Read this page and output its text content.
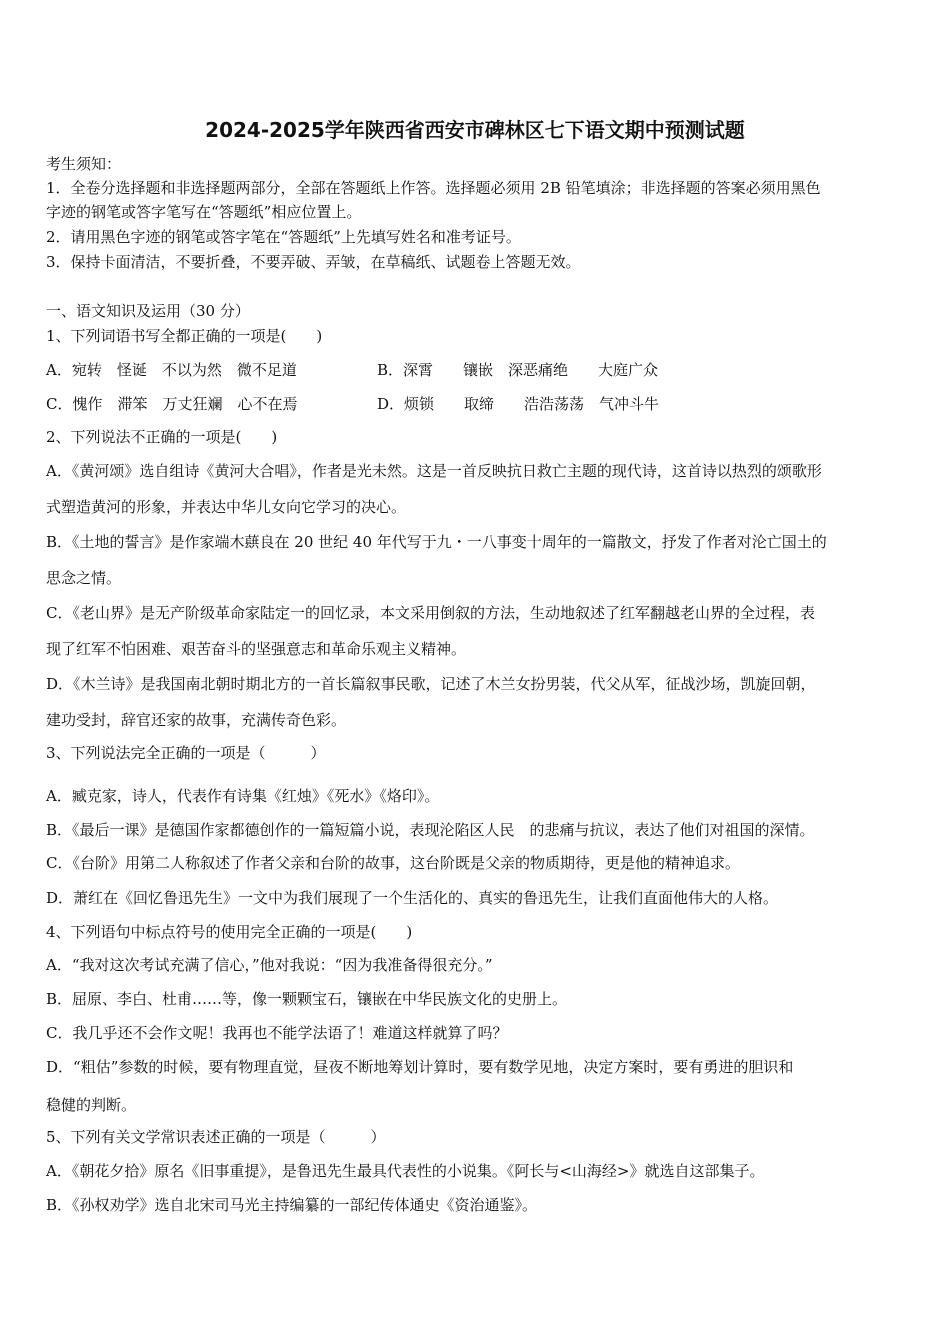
2024-2025学年陕西省西安市碑林区七下语文期中预测试题
考生须知：
1．全卷分选择题和非选择题两部分，全部在答题纸上作答。选择题必须用 2B 铅笔填涂；非选择题的答案必须用黑色
字迹的钢笔或答字笔写在“答题纸”相应位置上。
2．请用黑色字迹的钢笔或答字笔在“答题纸”上先填写姓名和准考证号。
3．保持卡面清洁，不要折叠，不要弄破、弄皱，在草稿纸、试题卷上答题无效。
一、语文知识及运用（30 分）
1、下列词语书写全都正确的一项是(　　)
A．宛转　怪诞　不以为然　微不足道	B．深霄　　镶嵌　深恶痛绝　　大庭广众
C．愧作　滞笨　万丈狂斓　心不在焉	D．烦锁　　取缔　　浩浩荡荡　气冲斗牛
2、下列说法不正确的一项是(　　)
A．《黄河颂》选自组诗《黄河大合唱》，作者是光未然。这是一首反映抗日救亡主题的现代诗，这首诗以热烈的颂歌形
式塑造黄河的形象，并表达中华儿女向它学习的决心。
B．《土地的誓言》是作家端木蕻良在 20 世纪 40 年代写于九・一八事变十周年的一篇散文，抒发了作者对沦亡国土的
思念之情。
C．《老山界》是无产阶级革命家陆定一的回忆录，本文采用倒叙的方法，生动地叙述了红军翻越老山界的全过程，表
现了红军不怕困难、艰苦奋斗的坚强意志和革命乐观主义精神。
D．《木兰诗》是我国南北朝时期北方的一首长篇叙事民歌，记述了木兰女扮男装，代父从军，征战沙场，凯旋回朝，
建功受封，辞官还家的故事，充满传奇色彩。
3、下列说法完全正确的一项是（　　　）
A．臧克家，诗人，代表作有诗集《红烛》《死水》《烙印》。
B．《最后一课》是德国作家都德创作的一篇短篇小说，表现沦陷区人民　的悲痛与抗议，表达了他们对祖国的深情。
C．《台阶》用第二人称叙述了作者父亲和台阶的故事，这台阶既是父亲的物质期待，更是他的精神追求。
D．萧红在《回忆鲁迅先生》一文中为我们展现了一个生活化的、真实的鲁迅先生，让我们直面他伟大的人格。
4、下列语句中标点符号的使用完全正确的一项是(　　)
A．“我对这次考试充满了信心，”他对我说：“因为我准备得很充分。”
B．屈原、李白、杜甫……等，像一颗颗宝石，镶嵌在中华民族文化的史册上。
C．我几乎还不会作文呢！我再也不能学法语了！难道这样就算了吗？
D．“粗估”参数的时候，要有物理直觉，昼夜不断地筹划计算时，要有数学见地，决定方案时，要有勇进的胆识和
稳健的判断。
5、下列有关文学常识表述正确的一项是（　　　）
A．《朝花夕拾》原名《旧事重提》，是鲁迅先生最具代表性的小说集。《阿长与<山海经>》就选自这部集子。
B．《孙权劝学》选自北宋司马光主持编纂的一部纪传体通史《资治通鉴》。
